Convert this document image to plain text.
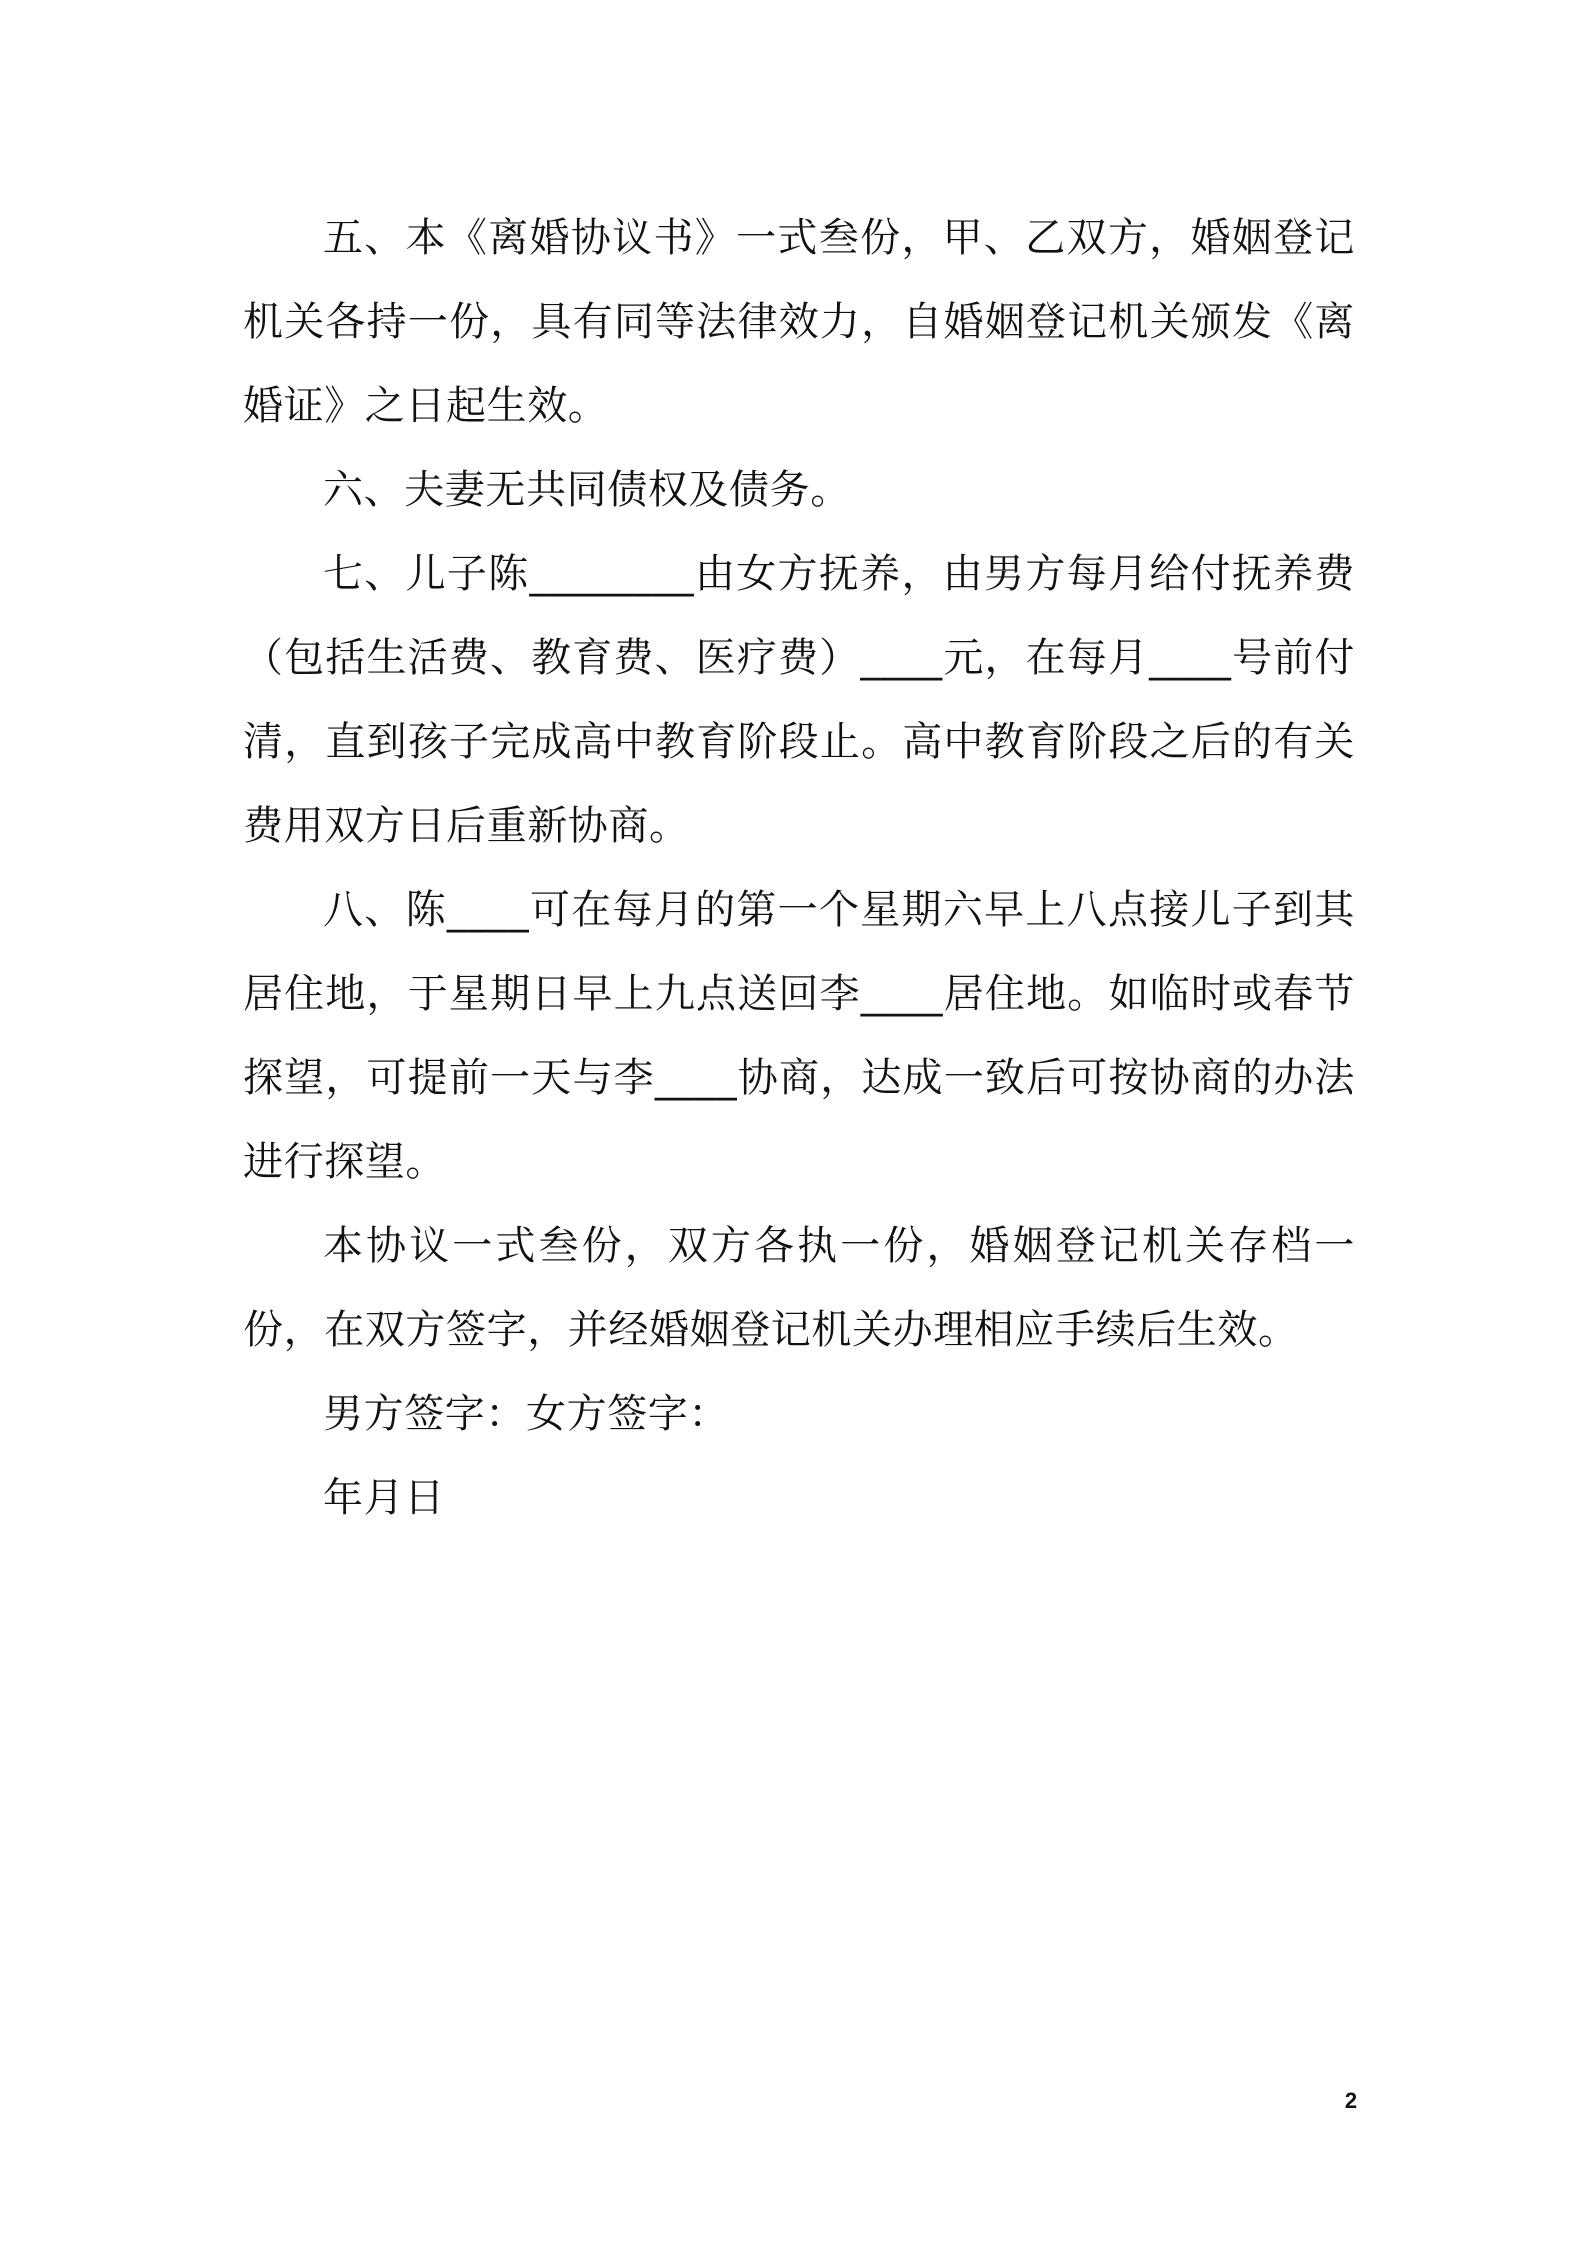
五、本《离婚协议书》一式叁份，甲、乙双方，婚姻登记机关各持一份，具有同等法律效力，自婚姻登记机关颁发《离婚证》之日起生效。

六、夫妻无共同债权及债务。

七、儿子陈________由女方抚养，由男方每月给付抚养费（包括生活费、教育费、医疗费）____元，在每月____号前付清，直到孩子完成高中教育阶段止。高中教育阶段之后的有关费用双方日后重新协商。

八、陈____可在每月的第一个星期六早上八点接儿子到其居住地，于星期日早上九点送回李____居住地。如临时或春节探望，可提前一天与李____协商，达成一致后可按协商的办法进行探望。

本协议一式叁份，双方各执一份，婚姻登记机关存档一份，在双方签字，并经婚姻登记机关办理相应手续后生效。

男方签字：女方签字：

年月日

2
